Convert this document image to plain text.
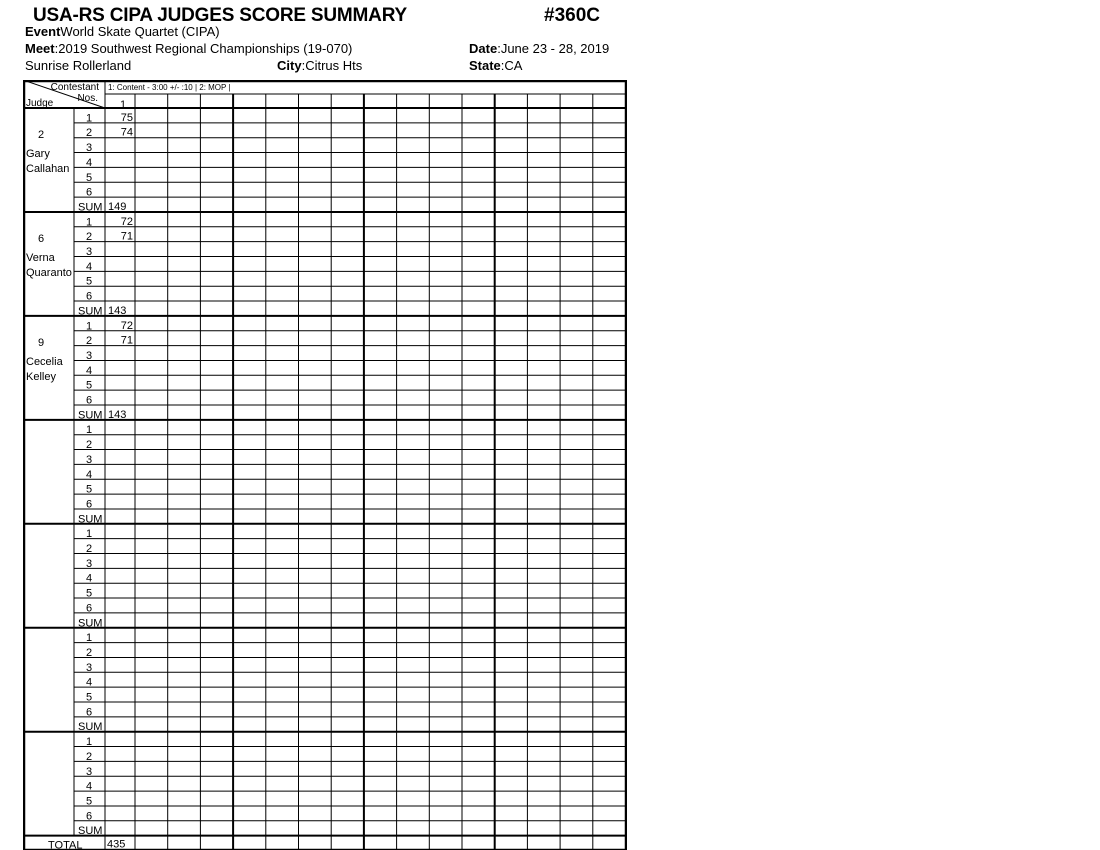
USA-RS CIPA JUDGES SCORE SUMMARY	#360C
EventWorld Skate Quartet (CIPA)
Meet:2019 Southwest Regional Championships (19-070)	Date:June 23 - 28, 2019
Sunrise Rollerland	City:Citrus Hts	State:CA
1: Content - 3:00 +/- :10 | 2: MOP |
Contestant
Nos.
Judge	1
2
Gary
Callahan
1	75
2	74
3
4
5
6
SUM 149
6
Verna
Quaranto
1	72
2	71
3
4
5
6
SUM 143
9
Cecelia
Kelley
1	72
2	71
3
4
5
6
SUM 143
1
2
3
4
5
6
SUM
1
2
3
4
5
6
SUM
1
2
3
4
5
6
SUM
1
2
3
4
5
6
SUM
TOTAL 435
